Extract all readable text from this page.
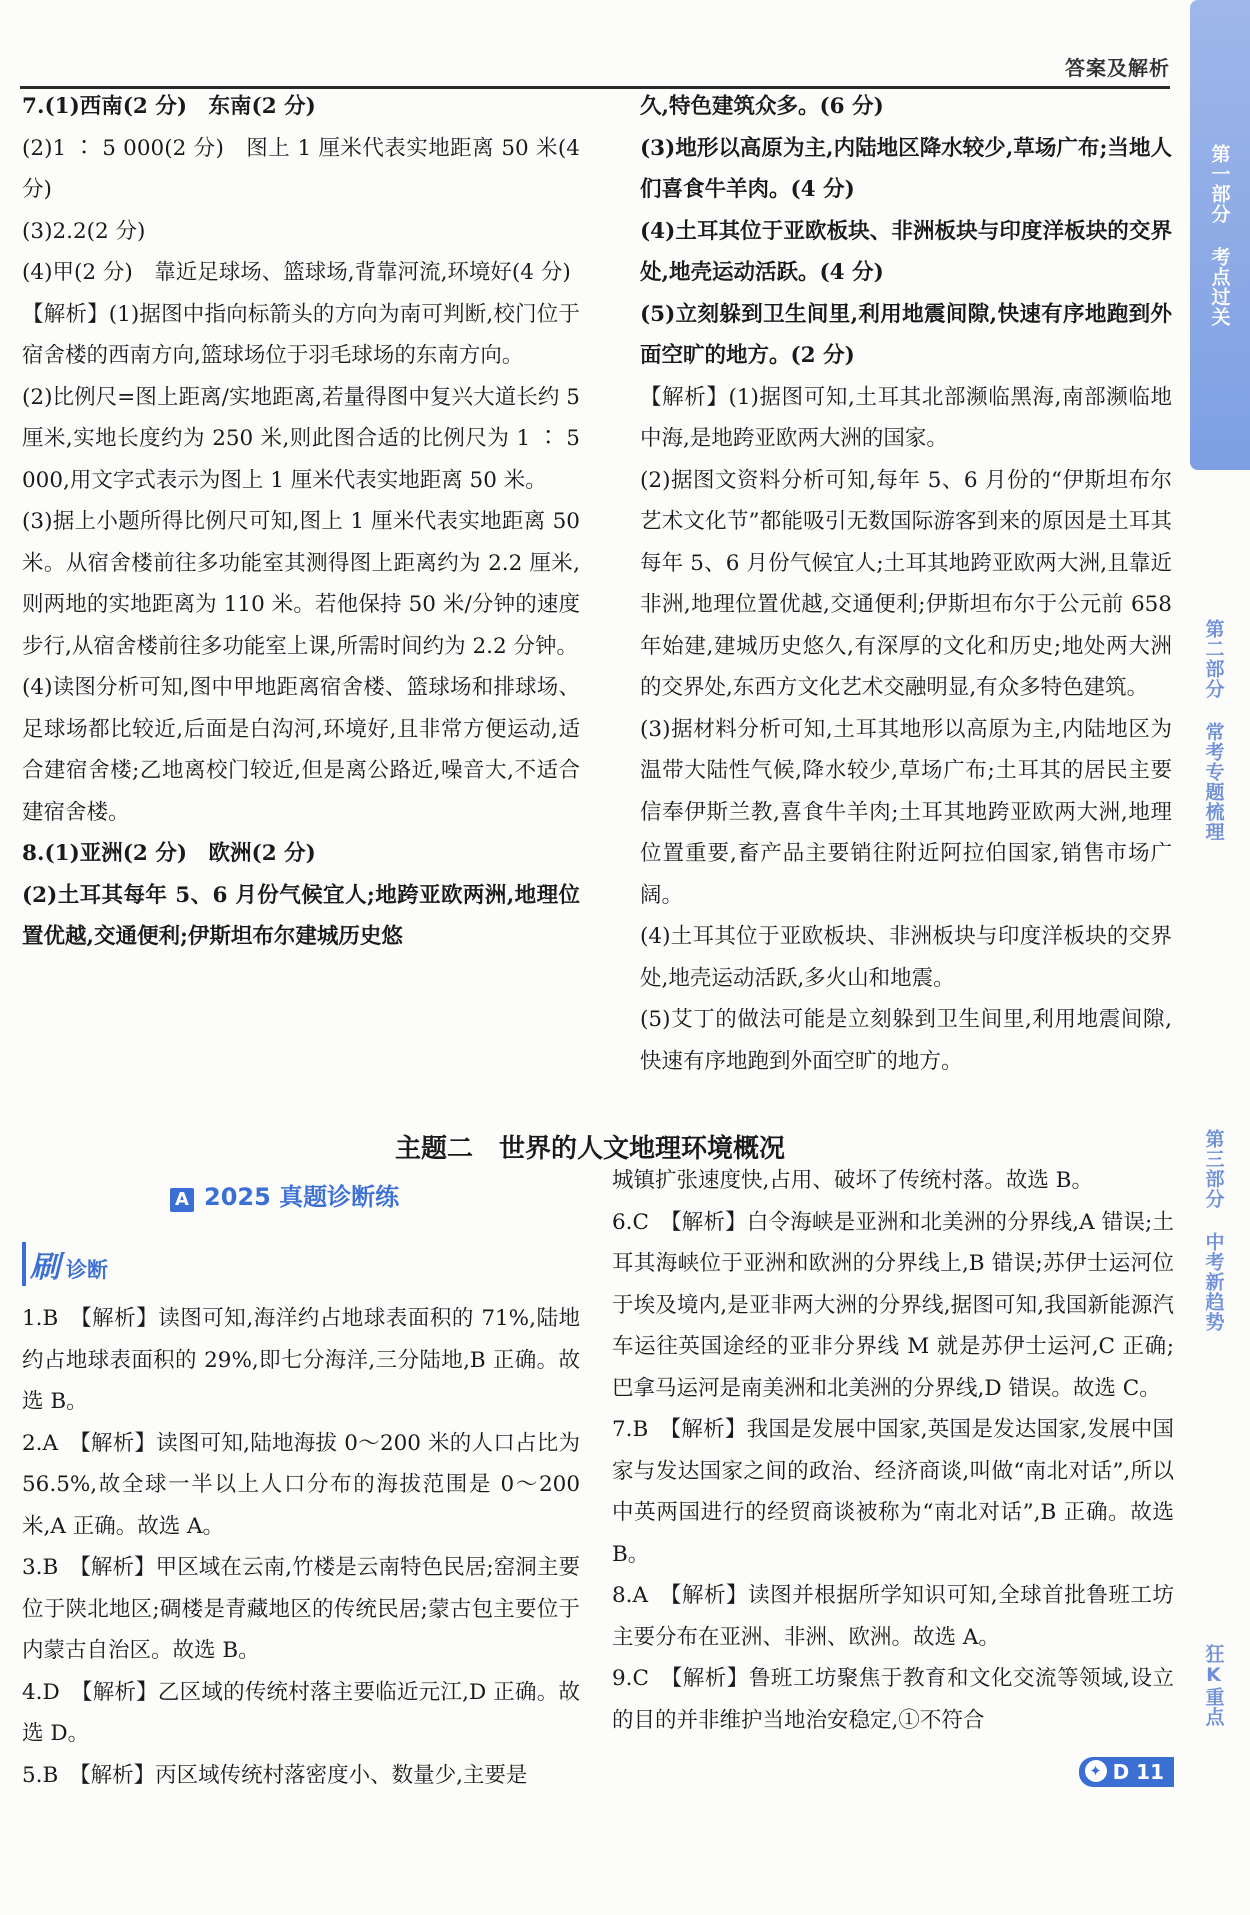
答案及解析
第一部分 考点过关
第二部分 常考专题梳理
第三部分 中考新趋势
狂K重点

7.(1)西南(2 分)　东南(2 分)

(2)1 ∶ 5 000(2 分)　图上 1 厘米代表实地距离 50 米(4 分)

(3)2.2(2 分)

(4)甲(2 分)　靠近足球场、篮球场,背靠河流,环境好(4 分)

【解析】(1)据图中指向标箭头的方向为南可判断,校门位于宿舍楼的西南方向,篮球场位于羽毛球场的东南方向。

(2)比例尺=图上距离/实地距离,若量得图中复兴大道长约 5 厘米,实地长度约为 250 米,则此图合适的比例尺为 1 ∶ 5 000,用文字式表示为图上 1 厘米代表实地距离 50 米。

(3)据上小题所得比例尺可知,图上 1 厘米代表实地距离 50 米。从宿舍楼前往多功能室其测得图上距离约为 2.2 厘米,则两地的实地距离为 110 米。若他保持 50 米/分钟的速度步行,从宿舍楼前往多功能室上课,所需时间约为 2.2 分钟。

(4)读图分析可知,图中甲地距离宿舍楼、篮球场和排球场、足球场都比较近,后面是白沟河,环境好,且非常方便运动,适合建宿舍楼;乙地离校门较近,但是离公路近,噪音大,不适合建宿舍楼。

8.(1)亚洲(2 分)　欧洲(2 分)

(2)土耳其每年 5、6 月份气候宜人;地跨亚欧两洲,地理位置优越,交通便利;伊斯坦布尔建城历史悠

久,特色建筑众多。(6 分)

(3)地形以高原为主,内陆地区降水较少,草场广布;当地人们喜食牛羊肉。(4 分)

(4)土耳其位于亚欧板块、非洲板块与印度洋板块的交界处,地壳运动活跃。(4 分)

(5)立刻躲到卫生间里,利用地震间隙,快速有序地跑到外面空旷的地方。(2 分)

【解析】(1)据图可知,土耳其北部濒临黑海,南部濒临地中海,是地跨亚欧两大洲的国家。

(2)据图文资料分析可知,每年 5、6 月份的“伊斯坦布尔艺术文化节”都能吸引无数国际游客到来的原因是土耳其每年 5、6 月份气候宜人;土耳其地跨亚欧两大洲,且靠近非洲,地理位置优越,交通便利;伊斯坦布尔于公元前 658 年始建,建城历史悠久,有深厚的文化和历史;地处两大洲的交界处,东西方文化艺术交融明显,有众多特色建筑。

(3)据材料分析可知,土耳其地形以高原为主,内陆地区为温带大陆性气候,降水较少,草场广布;土耳其的居民主要信奉伊斯兰教,喜食牛羊肉;土耳其地跨亚欧两大洲,地理位置重要,畜产品主要销往附近阿拉伯国家,销售市场广阔。

(4)土耳其位于亚欧板块、非洲板块与印度洋板块的交界处,地壳运动活跃,多火山和地震。

(5)艾丁的做法可能是立刻躲到卫生间里,利用地震间隙,快速有序地跑到外面空旷的地方。

主题二　世界的人文地理环境概况
A 2025 真题诊断练
刷 诊断

1.B　【解析】读图可知,海洋约占地球表面积的 71%,陆地约占地球表面积的 29%,即七分海洋,三分陆地,B 正确。故选 B。

2.A　【解析】读图可知,陆地海拔 0～200 米的人口占比为 56.5%,故全球一半以上人口分布的海拔范围是 0～200 米,A 正确。故选 A。

3.B　【解析】甲区域在云南,竹楼是云南特色民居;窑洞主要位于陕北地区;碉楼是青藏地区的传统民居;蒙古包主要位于内蒙古自治区。故选 B。

4.D　【解析】乙区域的传统村落主要临近元江,D 正确。故选 D。

5.B　【解析】丙区域传统村落密度小、数量少,主要是

城镇扩张速度快,占用、破坏了传统村落。故选 B。

6.C　【解析】白令海峡是亚洲和北美洲的分界线,A 错误;土耳其海峡位于亚洲和欧洲的分界线上,B 错误;苏伊士运河位于埃及境内,是亚非两大洲的分界线,据图可知,我国新能源汽车运往英国途经的亚非分界线 M 就是苏伊士运河,C 正确;巴拿马运河是南美洲和北美洲的分界线,D 错误。故选 C。

7.B　【解析】我国是发展中国家,英国是发达国家,发展中国家与发达国家之间的政治、经济商谈,叫做“南北对话”,所以中英两国进行的经贸商谈被称为“南北对话”,B 正确。故选 B。

8.A　【解析】读图并根据所学知识可知,全球首批鲁班工坊主要分布在亚洲、非洲、欧洲。故选 A。

9.C　【解析】鲁班工坊聚焦于教育和文化交流等领域,设立的目的并非维护当地治安稳定,①不符合

✦ D 11
